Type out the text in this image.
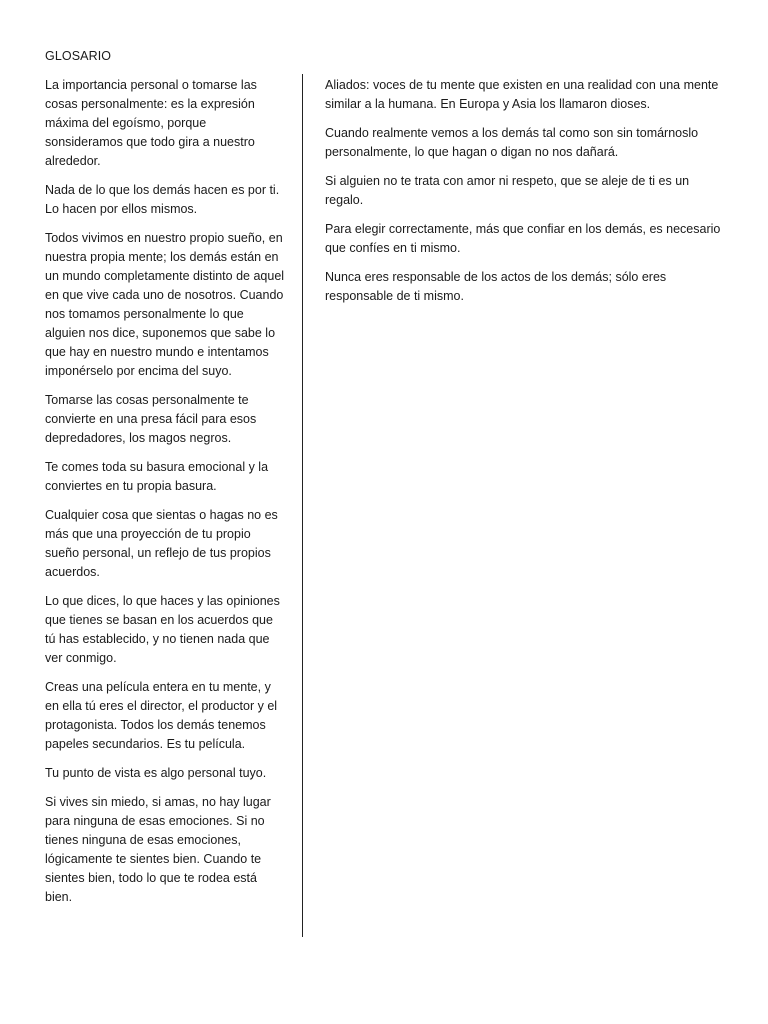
GLOSARIO

La importancia personal o tomarse las cosas personalmente: es la expresión máxima del egoísmo, porque sonsideramos que todo gira a nuestro alrededor.

Nada de lo que los demás hacen es por ti. Lo hacen por ellos mismos.

Todos vivimos en nuestro propio sueño, en nuestra propia mente; los demás están en un mundo completamente distinto de aquel en que vive cada uno de nosotros. Cuando nos tomamos personalmente lo que alguien nos dice, suponemos que sabe lo que hay en nuestro mundo e intentamos imponérselo por encima del suyo.

Tomarse las cosas personalmente te convierte en una presa fácil para esos depredadores, los magos negros.

Te comes toda su basura emocional y la conviertes en tu propia basura.

Cualquier cosa que sientas o hagas no es más que una proyección de tu propio sueño personal, un reflejo de tus propios acuerdos.

Lo que dices, lo que haces y las opiniones que tienes se basan en los acuerdos que tú has establecido, y no tienen nada que ver conmigo.

Creas una película entera en tu mente, y en ella tú eres el director, el productor y el protagonista. Todos los demás tenemos papeles secundarios. Es tu película.

Tu punto de vista es algo personal tuyo.

Si vives sin miedo, si amas, no hay lugar para ninguna de esas emociones. Si no tienes ninguna de esas emociones, lógicamente te sientes bien. Cuando te sientes bien, todo lo que te rodea está bien.

Aliados: voces de tu mente que existen en una realidad con una mente similar a la humana. En Europa y Asia los llamaron dioses.

Cuando realmente vemos a los demás tal como son sin tomárnoslo personalmente, lo que hagan o digan no nos dañará.

Si alguien no te trata con amor ni respeto, que se aleje de ti es un regalo.

Para elegir correctamente, más que confiar en los demás, es necesario que confíes en ti mismo.

Nunca eres responsable de los actos de los demás; sólo eres responsable de ti mismo.
